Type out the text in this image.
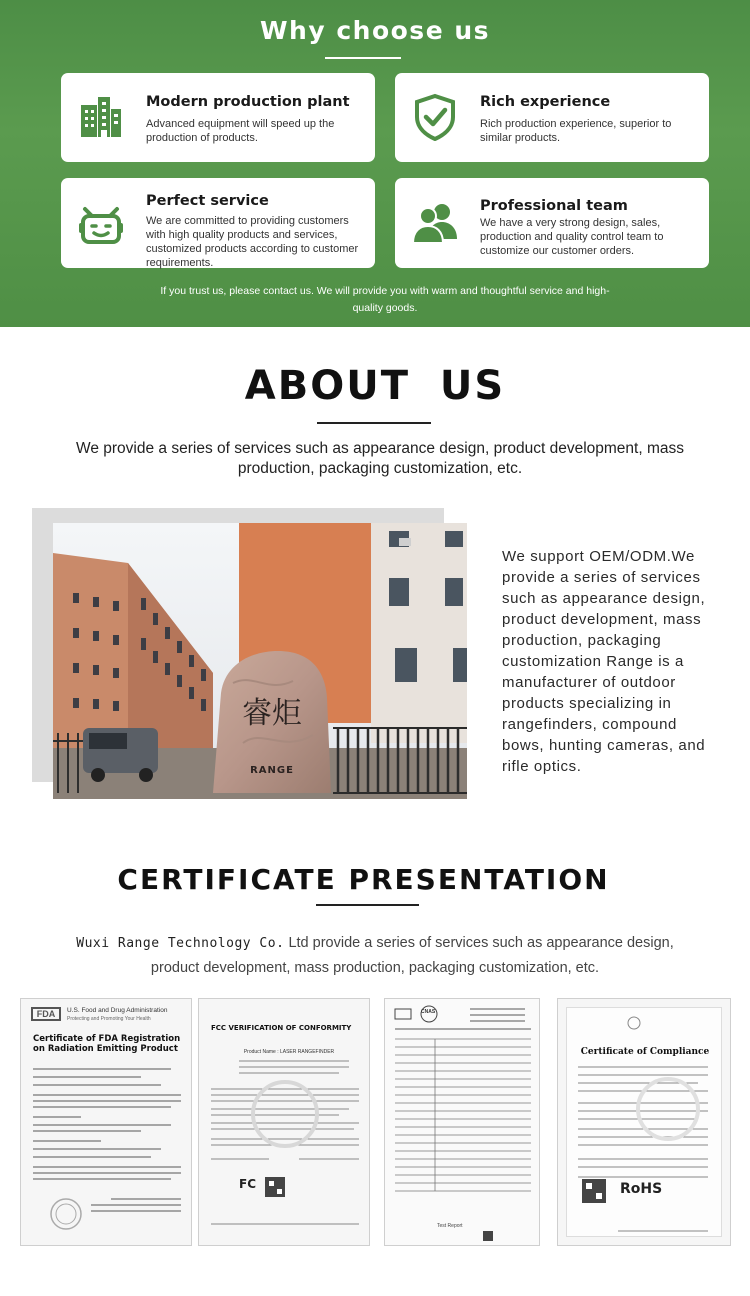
Why choose us
Modern production plant

Advanced equipment will speed up the production of products.

Rich experience

Rich production experience, superior to similar products.

Perfect service

We are committed to providing customers with high quality products and services, customized products according to customer requirements.

Professional team

We have a very strong design, sales, production and quality control team to customize our customer orders.

If you trust us, please contact us. We will provide you with warm and thoughtful service and high-quality goods.

ABOUT US

We provide a series of services such as appearance design, product development, mass production, packaging customization, etc.

睿炬
RANGE

We support OEM/ODM.We provide a series of services such as appearance design, product development, mass production, packaging customization Range is a manufacturer of outdoor products specializing in rangefinders, compound bows, hunting cameras, and rifle optics.

CERTIFICATE PRESENTATION

Wuxi Range Technology Co. Ltd provide a series of services such as appearance design, product development, mass production, packaging customization, etc.

FDA	U.S. Food and Drug Administration
Protecting and Promoting Your Health
Certificate of FDA Registration on Radiation Emitting Product
FCC VERIFICATION OF CONFORMITY
Product Name : LASER RANGEFINDER
FC
CNAS
Test Report
Certificate of Compliance
RoHS
